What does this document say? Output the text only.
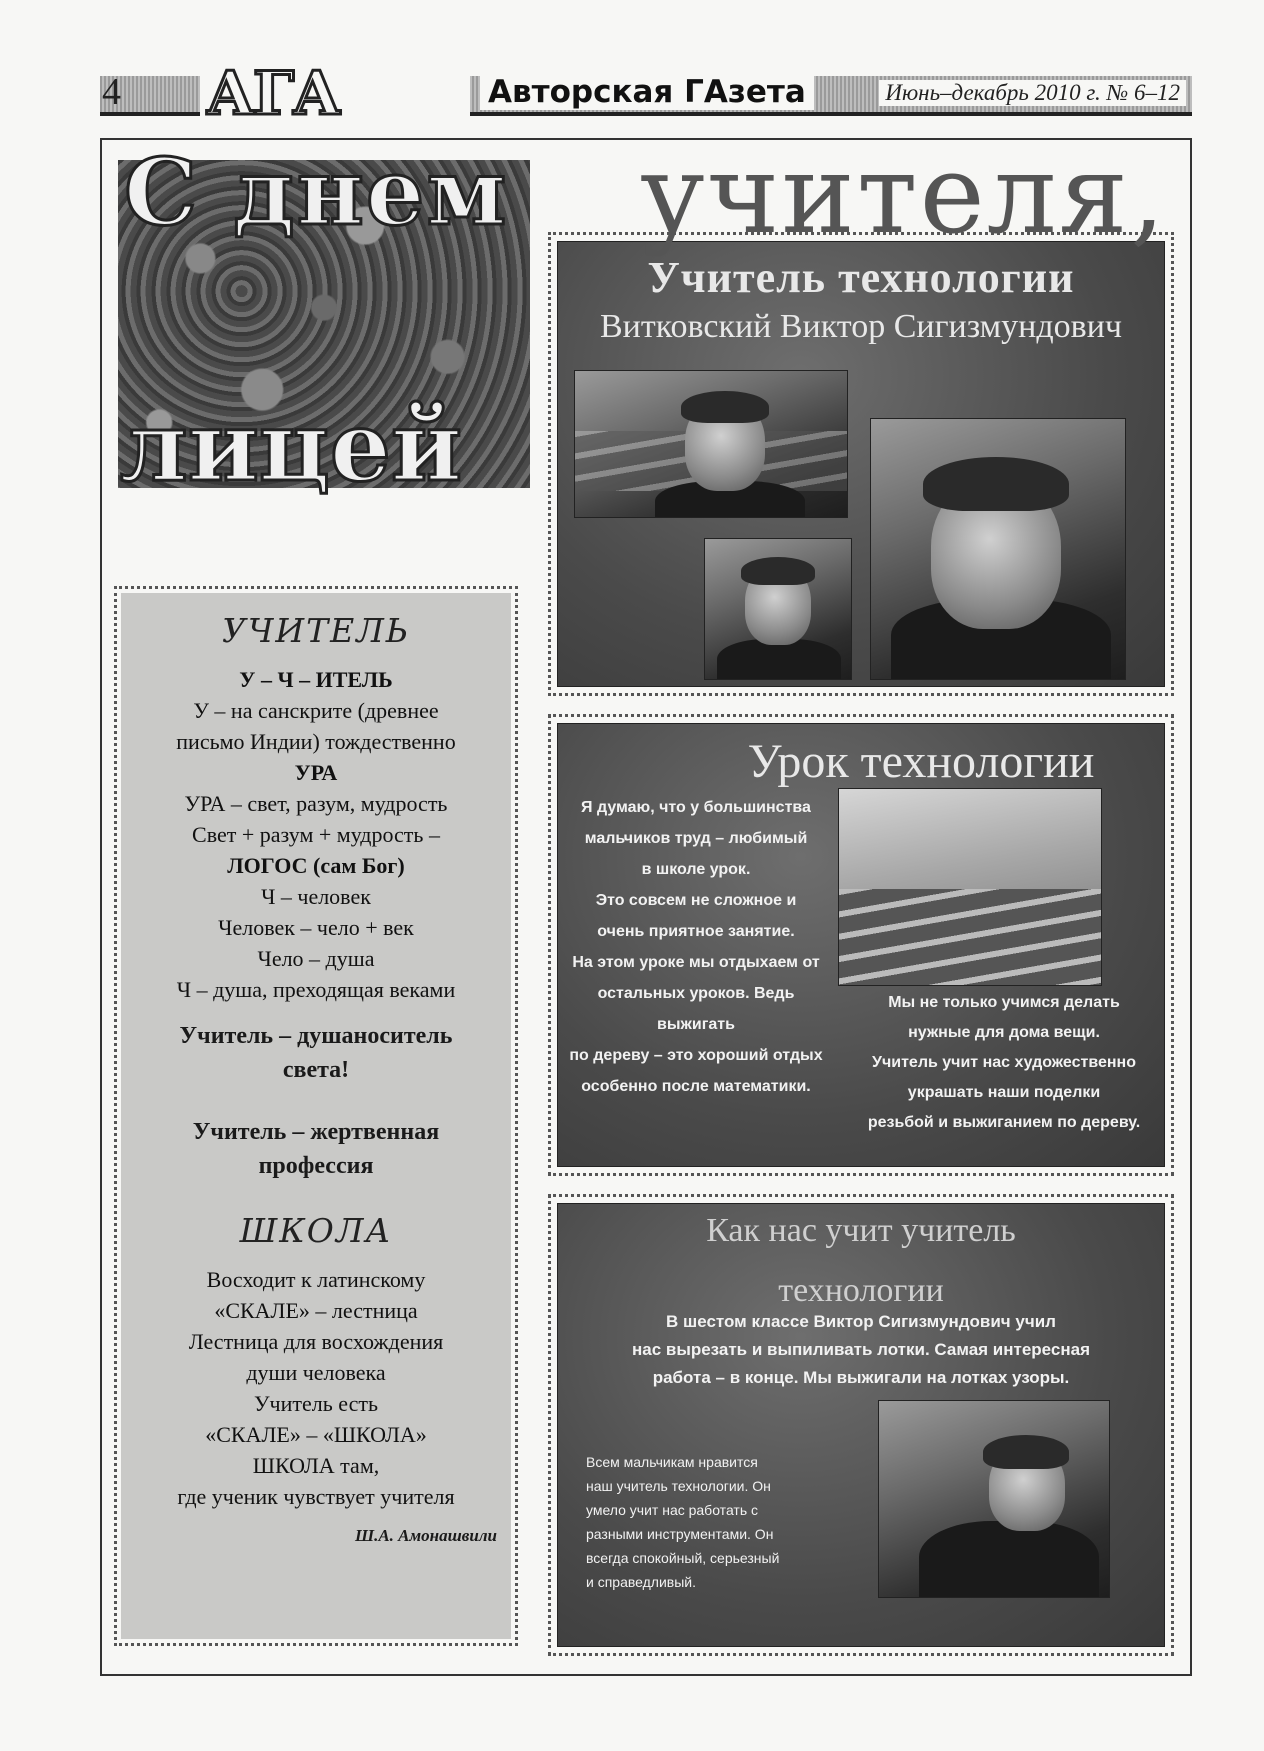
4 АГА	Авторская ГАзета	Июнь–декабрь 2010 г. № 6–12
С днем учителя,
лицей
УЧИТЕЛЬ
У – Ч – ИТЕЛЬ
У – на санскрите (древнее
письмо Индии) тождественно
УРА
УРА – свет, разум, мудрость
Свет + разум + мудрость –
ЛОГОС (сам Бог)
Ч – человек
Человек – чело + век
Чело – душа
Ч – душа, преходящая веками
Учитель – душаноситель света!
Учитель – жертвенная профессия
ШКОЛА
Восходит к латинскому
«СКАЛЕ» – лестница
Лестница для восхождения
души человека
Учитель есть
«СКАЛЕ» – «ШКОЛА»
ШКОЛА там,
где ученик чувствует учителя
Ш.А. Амонашвили
Учитель технологии
Витковский Виктор Сигизмундович
Урок технологии
Я думаю, что у большинства
мальчиков труд – любимый
в школе урок.
Это совсем не сложное и
очень приятное занятие.
На этом уроке мы отдыхаем от
остальных уроков. Ведь выжигать
по дереву – это хороший отдых
особенно после математики.
Мы не только учимся делать
нужные для дома вещи.
Учитель учит нас художественно
украшать наши поделки
резьбой и выжиганием по дереву.
Как нас учит учитель
технологии
В шестом классе Виктор Сигизмундович учил
нас вырезать и выпиливать лотки. Самая интересная
работа – в конце. Мы выжигали на лотках узоры.
Всем мальчикам нравится
наш учитель технологии. Он
умело учит нас работать с
разными инструментами. Он
всегда спокойный, серьезный
и справедливый.
